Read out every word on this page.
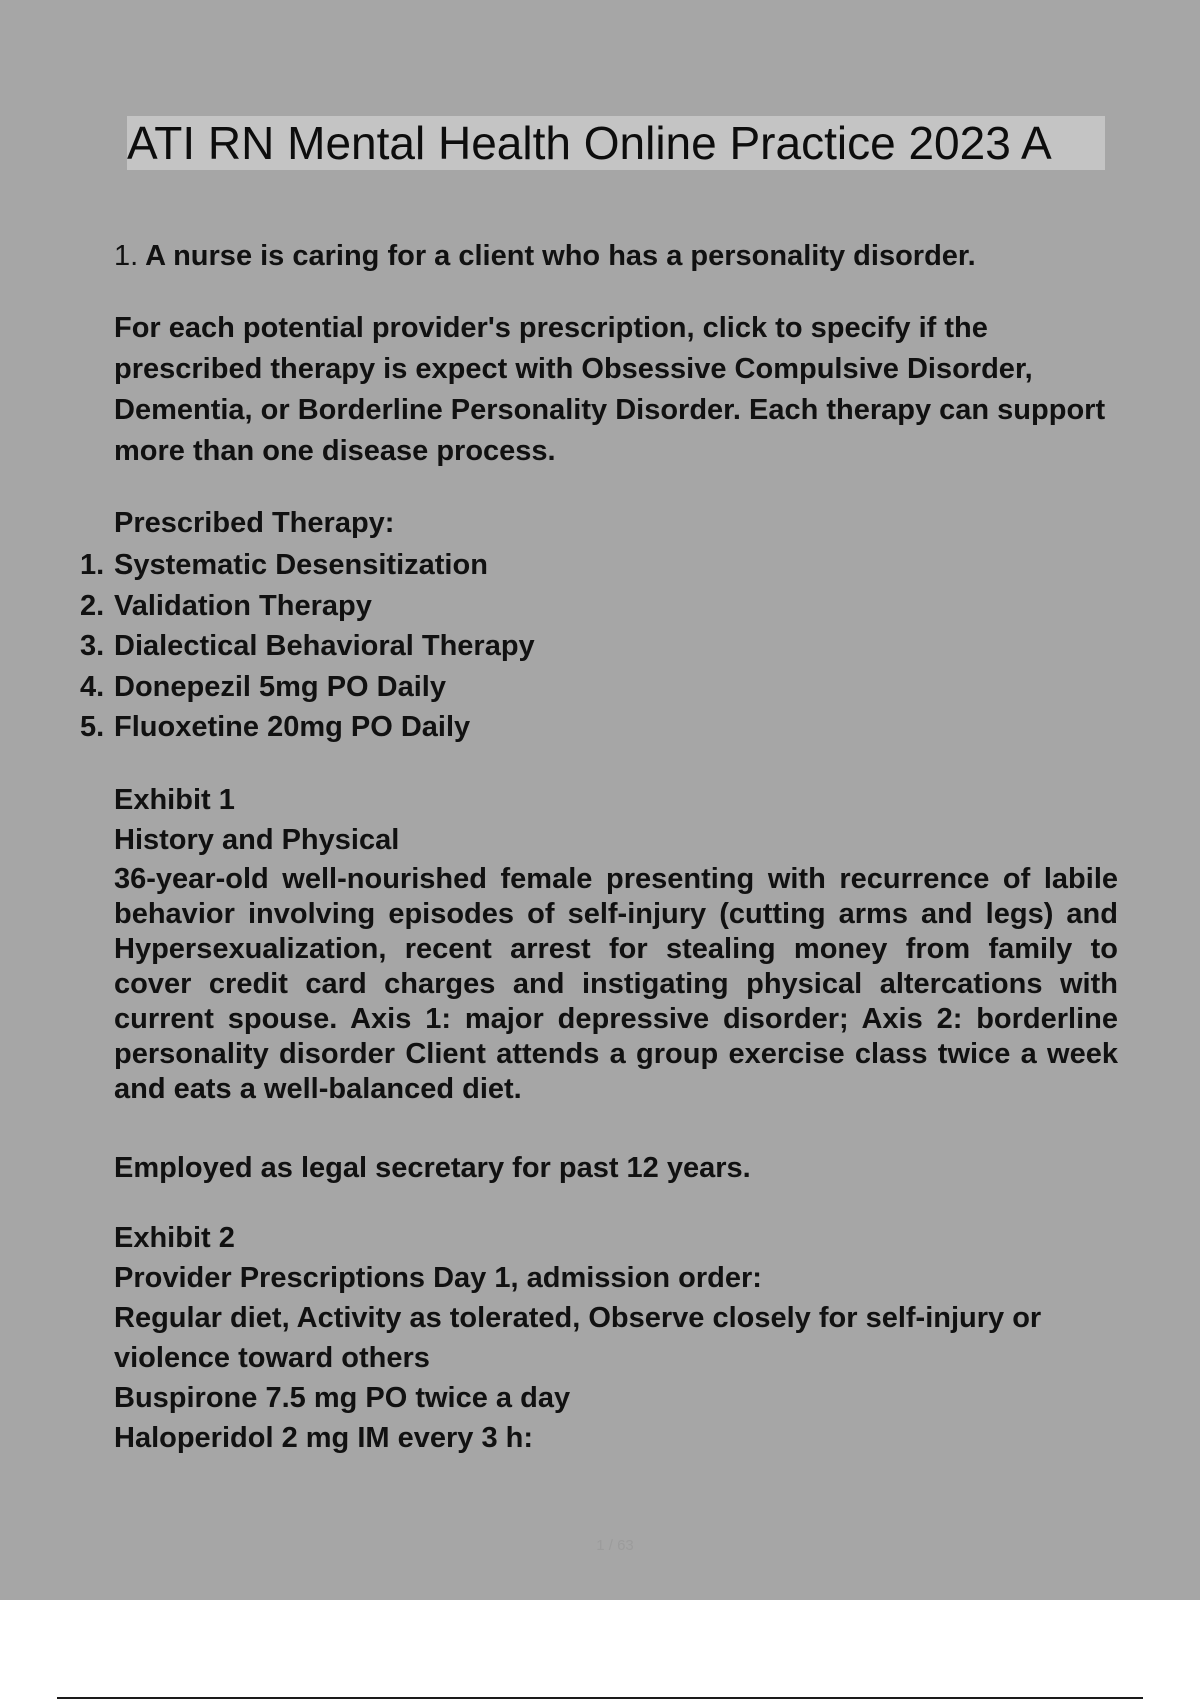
ATI RN Mental Health Online Practice 2023 A
1. A nurse is caring for a client who has a personality disorder.
For each potential provider's prescription, click to specify if the prescribed therapy is expect with Obsessive Compulsive Disorder, Dementia, or Borderline Personality Disorder. Each therapy can support more than one disease process.
Prescribed Therapy:
1. Systematic Desensitization
2. Validation Therapy
3. Dialectical Behavioral Therapy
4. Donepezil 5mg PO Daily
5. Fluoxetine 20mg PO Daily
Exhibit 1
History and Physical
36-year-old well-nourished female presenting with recurrence of labile behavior involving episodes of self-injury (cutting arms and legs) and Hypersexualization, recent arrest for stealing money from family to cover credit card charges and instigating physical altercations with current spouse. Axis 1: major depressive disorder; Axis 2: borderline personality disorder Client attends a group exercise class twice a week and eats a well-balanced diet.
Employed as legal secretary for past 12 years.
Exhibit 2
Provider Prescriptions Day 1, admission order:
Regular diet, Activity as tolerated, Observe closely for self-injury or violence toward others
Buspirone 7.5 mg PO twice a day
Haloperidol 2 mg IM every 3 h:
1 / 63
